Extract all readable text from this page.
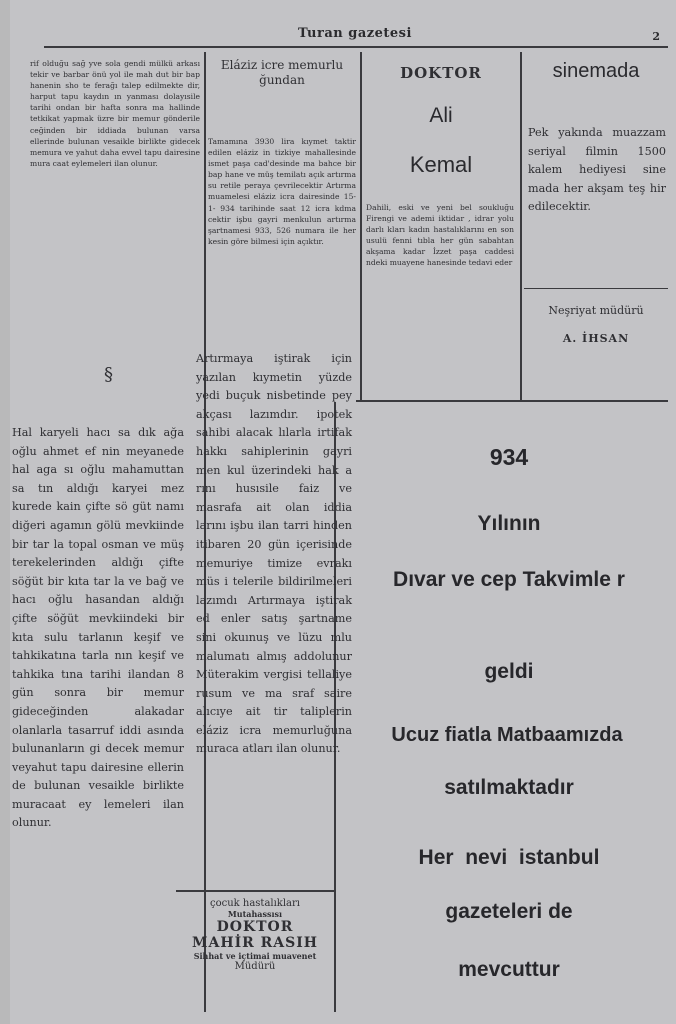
Turan gazetesi	2
rif olduğu sağ yve sola gendi mülkü arkası tekir ve barbar önü yol ile mah dut bir bap hanenin sho te ferağı talep edilmekte dir, harput tapu kaydın ın yanması dolayısile tarihi ondan bir hafta sonra ma hallinde tetkikat yapmak üzre bir memur gönderile ceğinden bir iddiada bulunan varsa ellerinde bulunan vesaikle birlikte gidecek memura ve yahut daha evvel tapu dairesine mura caat eylemeleri ilan olunur.
§
Hal karyeli hacı sa dık ağa oğlu ahmet ef nin meyanede hal aga sı oğlu mahamuttan sa tın aldığı karyei mez kurede kain çifte sö güt namı diğeri agamın gölü mevkiinde bir tar la topal osman ve müş terekelerinden aldığı çifte söğüt bir kıta tar la ve bağ ve hacı oğlu hasandan aldığı çifte söğüt mevkiindeki bir kıta sulu tarlanın keşif ve tahkikatına tarla nın keşif ve tahkika tına tarihi ilandan 8 gün sonra bir memur gideceğinden alakadar olanlarla tasarruf iddi asında bulunanların gi decek memur veyahut tapu dairesine ellerin de bulunan vesaikle birlikte muracaat ey lemeleri ilan olunur.
Eláziz icre memurlu ğundan
Tamamına 3930 lira kıymet taktir edilen eláziz in tizkiye mahallesinde ismet paşa cad'desinde ma bahce bir bap hane ve müş temilatı açık artırma su retile peraya çevrilecektir Artırma muamelesi eláziz icra dairesinde 15- 1- 934 tarihinde saat 12 icra kdma cektir işbu gayri menkulun artırma şartnamesi 933, 526 numara ile her kesin göre bilmesi için açıktır.
Artırmaya iştirak için yazılan kıymetin yüzde yedi buçuk nisbetinde pey akçası lazımdır. ipotek sahibi alacak lılarla irtifak hakkı sahiplerinin gayri men kul üzerindeki hak a rını husısile faiz ve masrafa ait olan iddia larını işbu ilan tarri hinden itibaren 20 gün içerisinde memuriye timize evrakı müs i telerile bildirilmeleri lazımdı Artırmaya iştirak ed enler satış şartname sini okuınuş ve lüzu mlu malumatı almış addolunur Müterakim vergisi tellaliye rusum ve ma sraf saire alıcıye ait tir taliplerin eláziz icra memurluğuna muraca atları ilan olunur.
çocuk hastalıkları
Mutahassısı
DOKTOR
MAHİR RASIH
Sihhat ve içtimai muavenet
Müdürü
DOKTOR
Ali
Kemal
Dahili, eski ve yeni bel soukluğu Firengi ve ademi iktidar , idrar yolu darlı kları kadın hastalıklarını en son usulü fenni tıbla her gün sabahtan akşama kadar İzzet paşa caddesi ndeki muayene hanesinde tedavi eder
sinemada
Pek yakında muazzam seriyal filmin 1500 kalem hediyesi sine mada her akşam teş hir edilecektir.
Neşriyat müdürü
A. İHSAN
934
Yılının
Dıvar ve cep Takvimle r
geldi
Ucuz fiatla Matbaamızda
satılmaktadır
Her  nevi  istanbul
gazeteleri de
mevcuttur
